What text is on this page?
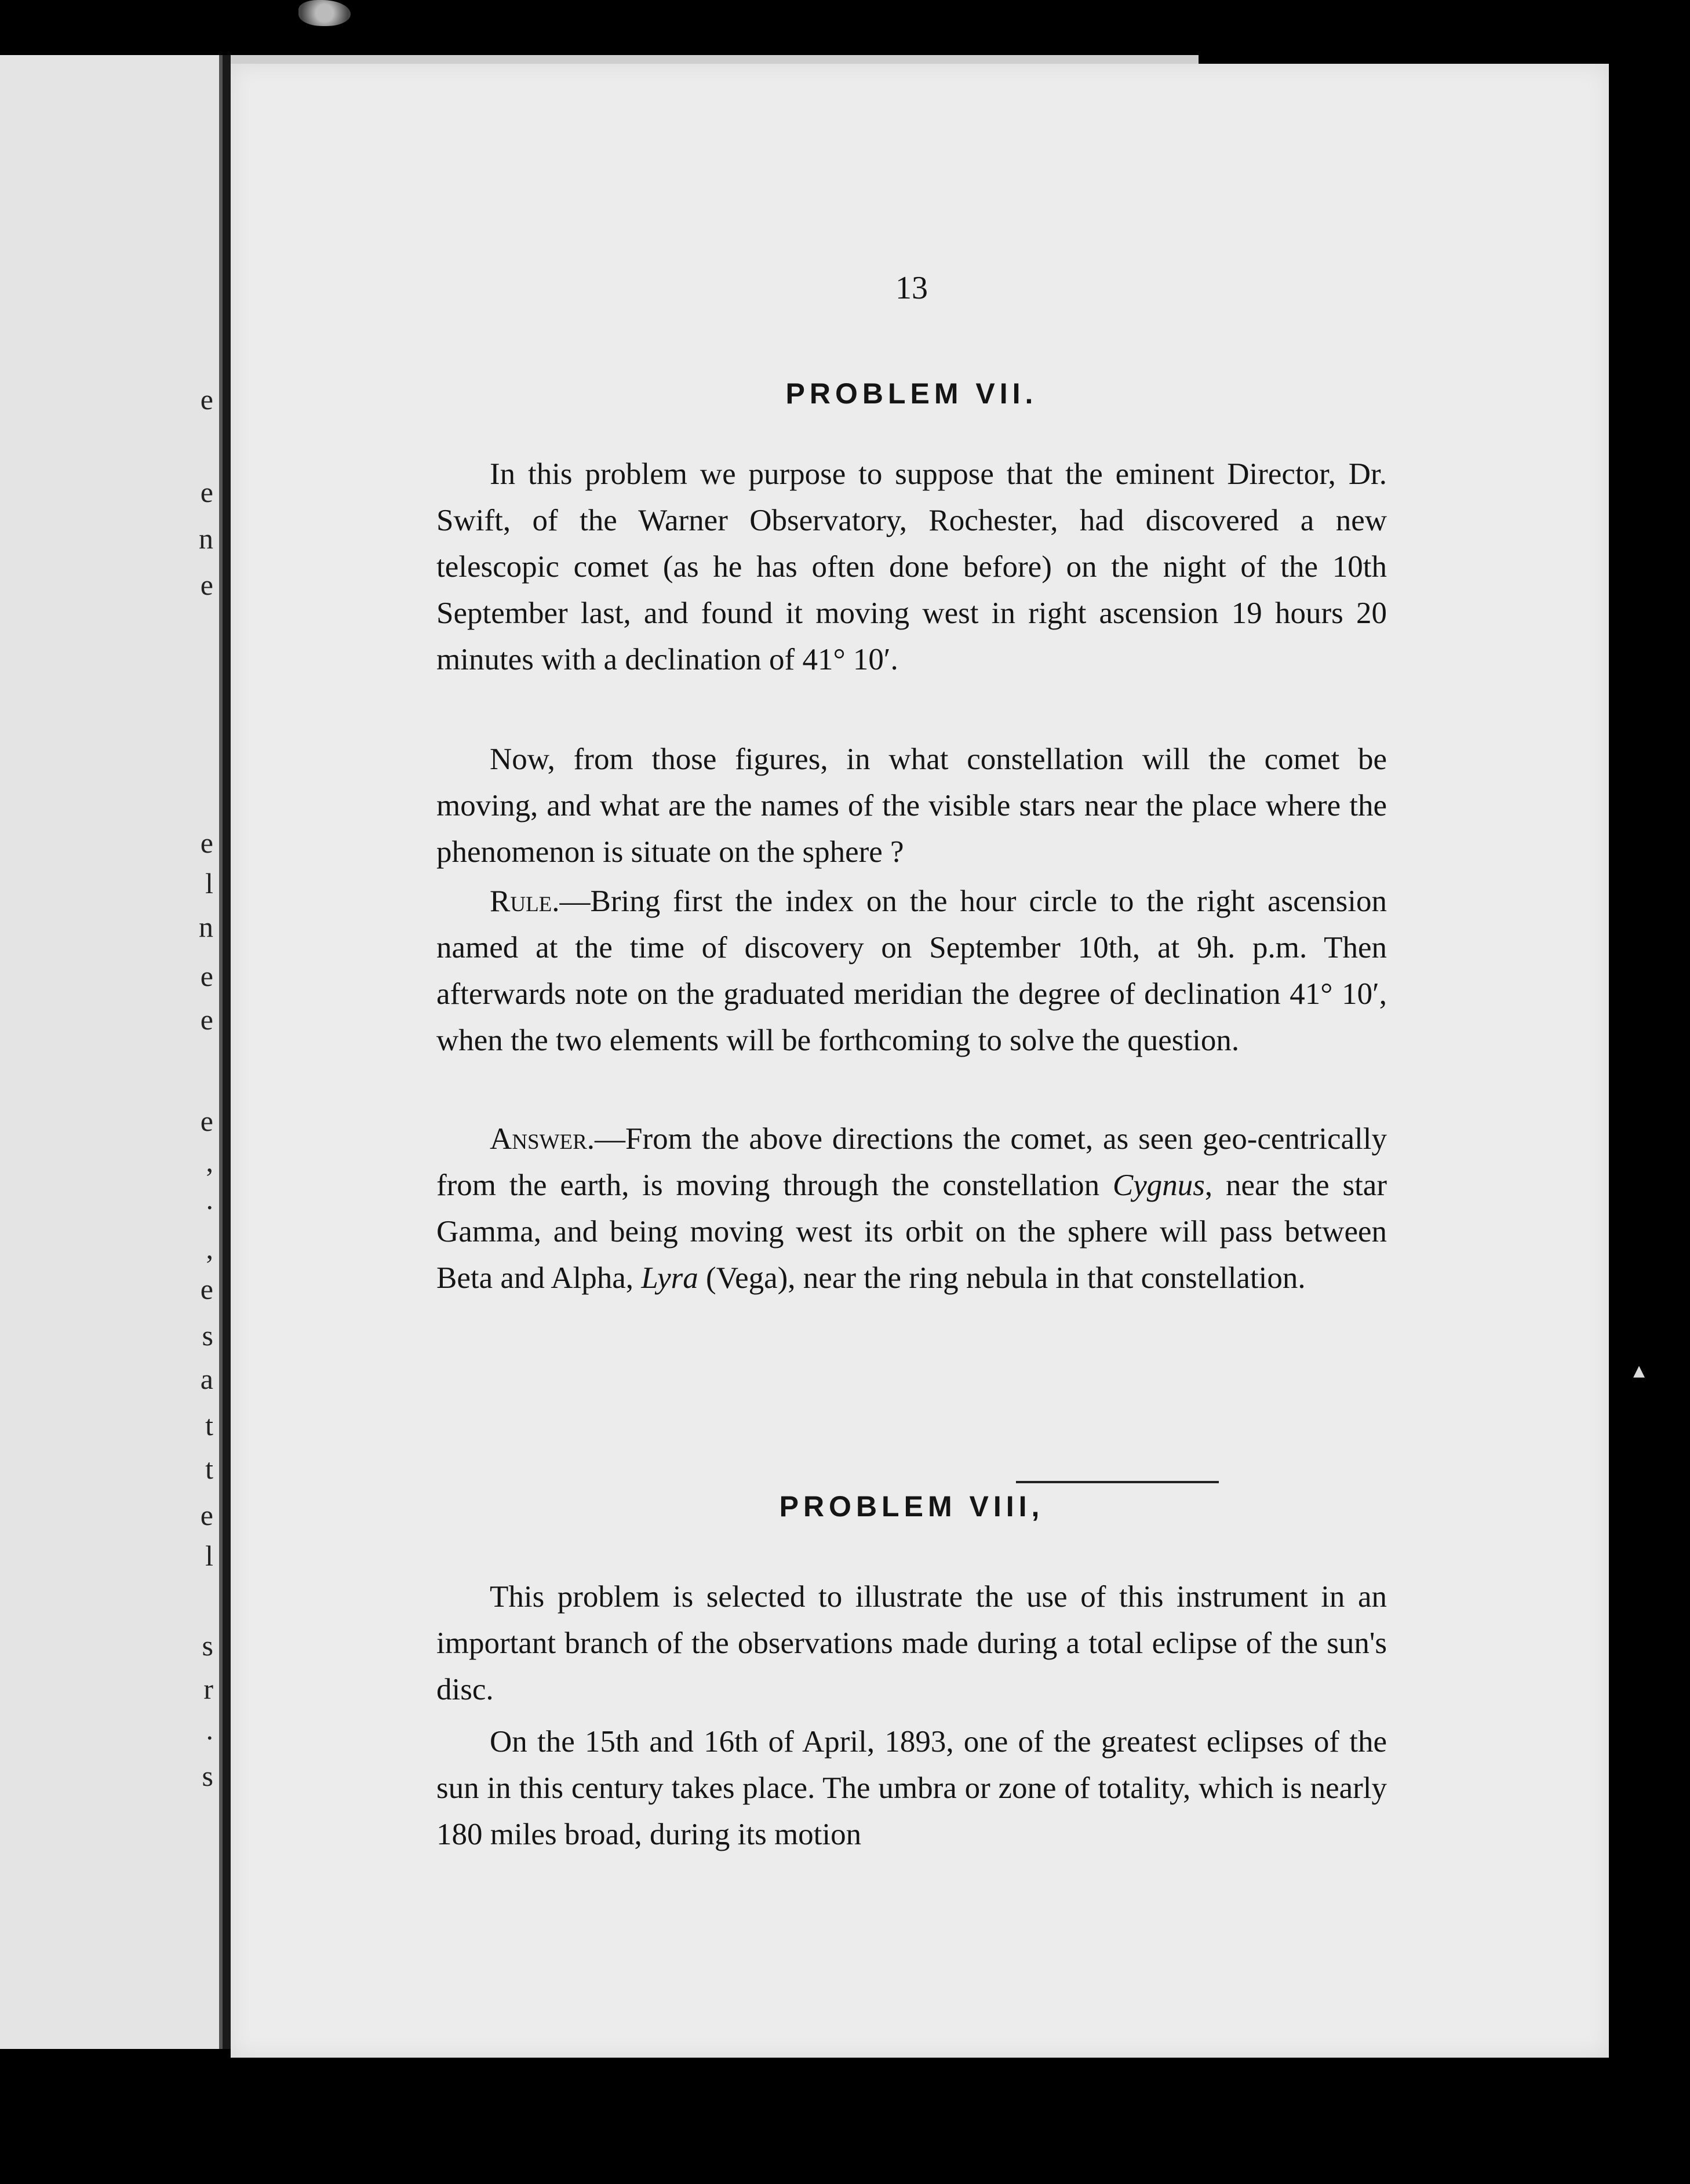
e
e
n
e
e
l
n
e
e
e
,
.
,
e
s
a
t
t
e
l
s
r
.
s
▴
13
PROBLEM VII.

In this problem we purpose to suppose that the eminent Director, Dr. Swift, of the Warner Observatory, Rochester, had discovered a new telescopic comet (as he has often done before) on the night of the 10th September last, and found it moving west in right ascension 19 hours 20 minutes with a declination of 41° 10′.

Now, from those figures, in what constellation will the comet be moving, and what are the names of the visible stars near the place where the phenomenon is situate on the sphere ?

Rule.—Bring first the index on the hour circle to the right ascension named at the time of discovery on September 10th, at 9h. p.m. Then afterwards note on the graduated meridian the degree of declination 41° 10′, when the two elements will be forthcoming to solve the question.

Answer.—From the above directions the comet, as seen geo-centrically from the earth, is moving through the constellation Cygnus, near the star Gamma, and being moving west its orbit on the sphere will pass between Beta and Alpha, Lyra (Vega), near the ring nebula in that constellation.

PROBLEM VIII,

This problem is selected to illustrate the use of this instrument in an important branch of the observations made during a total eclipse of the sun's disc.

On the 15th and 16th of April, 1893, one of the greatest eclipses of the sun in this century takes place. The umbra or zone of totality, which is nearly 180 miles broad, during its motion
